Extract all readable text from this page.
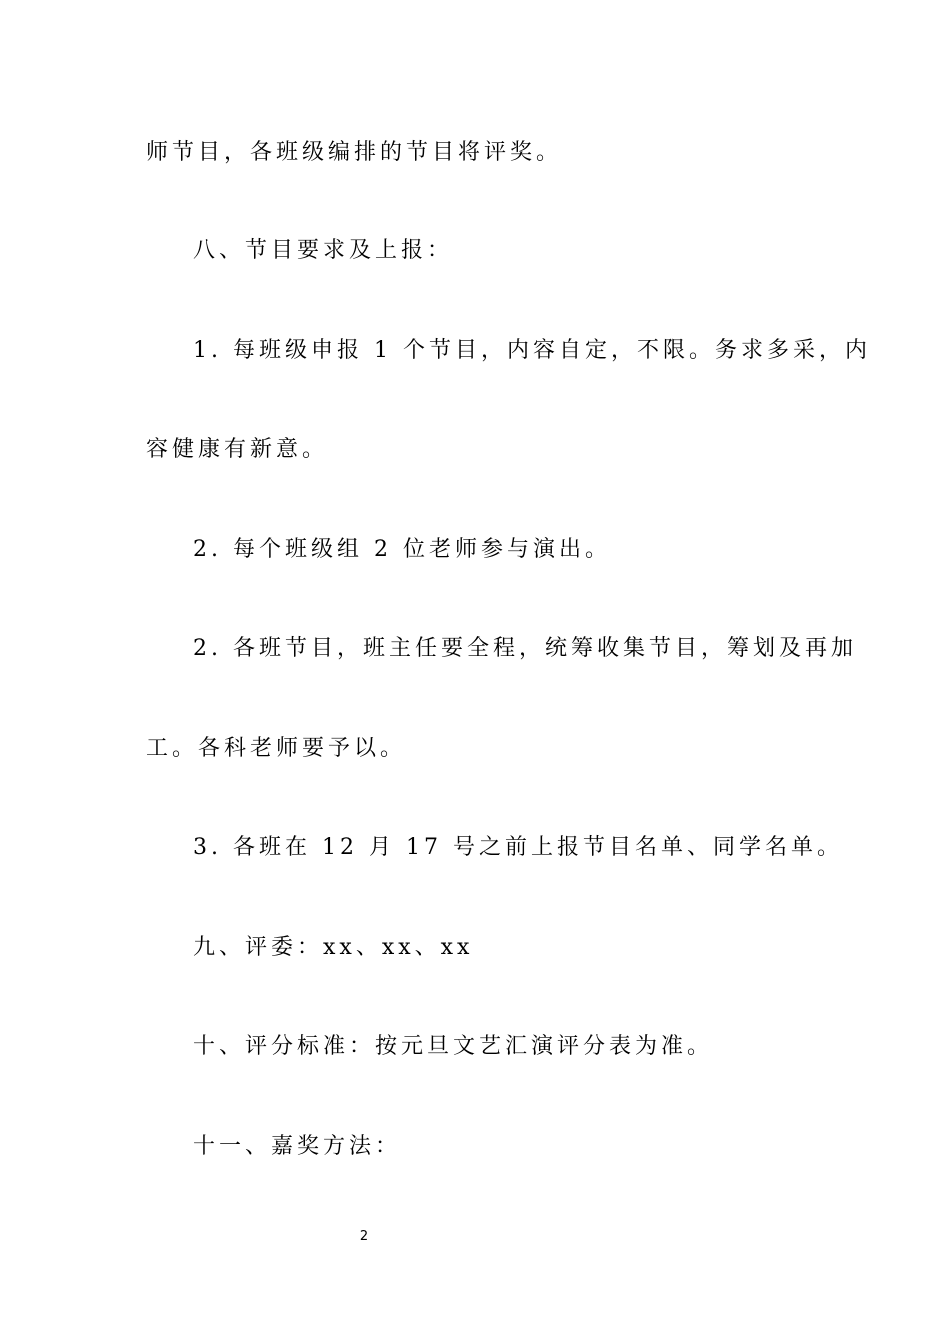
师节目，各班级编排的节目将评奖。

八、节目要求及上报：

1. 每班级申报 1 个节目，内容自定，不限。务求多采，内

容健康有新意。

2. 每个班级组 2 位老师参与演出。

2. 各班节目，班主任要全程，统筹收集节目，筹划及再加

工。各科老师要予以。

3. 各班在 12 月 17 号之前上报节目名单、同学名单。

九、评委：xx、xx、xx

十、评分标准：按元旦文艺汇演评分表为准。

十一、嘉奖方法：

2
